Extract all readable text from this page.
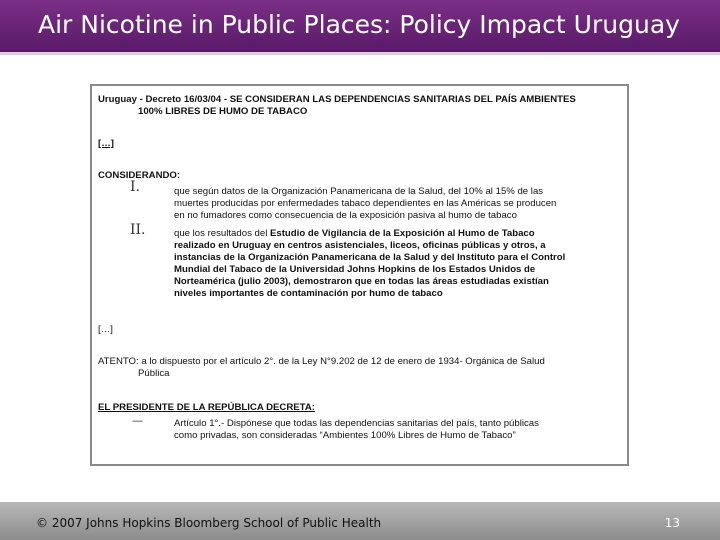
Air Nicotine in Public Places: Policy Impact Uruguay
Uruguay - Decreto 16/03/04 - SE CONSIDERAN LAS DEPENDENCIAS SANITARIAS DEL PAÍS AMBIENTES
100% LIBRES DE HUMO DE TABACO
[…]
CONSIDERANDO:
I.	que según datos de la Organización Panamericana de la Salud, del 10% al 15% de las
muertes producidas por enfermedades tabaco dependientes en las Américas se producen
en no fumadores como consecuencia de la exposición pasiva al humo de tabaco
II.	que los resultados del Estudio de Vigilancia de la Exposición al Humo de Tabaco
realizado en Uruguay en centros asistenciales, liceos, oficinas públicas y otros, a
instancias de la Organización Panamericana de la Salud y del Instituto para el Control
Mundial del Tabaco de la Universidad Johns Hopkins de los Estados Unidos de
Norteamérica (julio 2003), demostraron que en todas las áreas estudiadas existían
niveles importantes de contaminación por humo de tabaco
[…]
ATENTO: a lo dispuesto por el artículo 2°. de la Ley N°9.202 de 12 de enero de 1934- Orgánica de Salud
Pública
EL PRESIDENTE DE LA REPÚBLICA DECRETA:
—	Artículo 1°.- Dispónese que todas las dependencias sanitarias del país, tanto públicas
como privadas, son consideradas “Ambientes 100% Libres de Humo de Tabaco”
© 2007 Johns Hopkins Bloomberg School of Public Health	13
